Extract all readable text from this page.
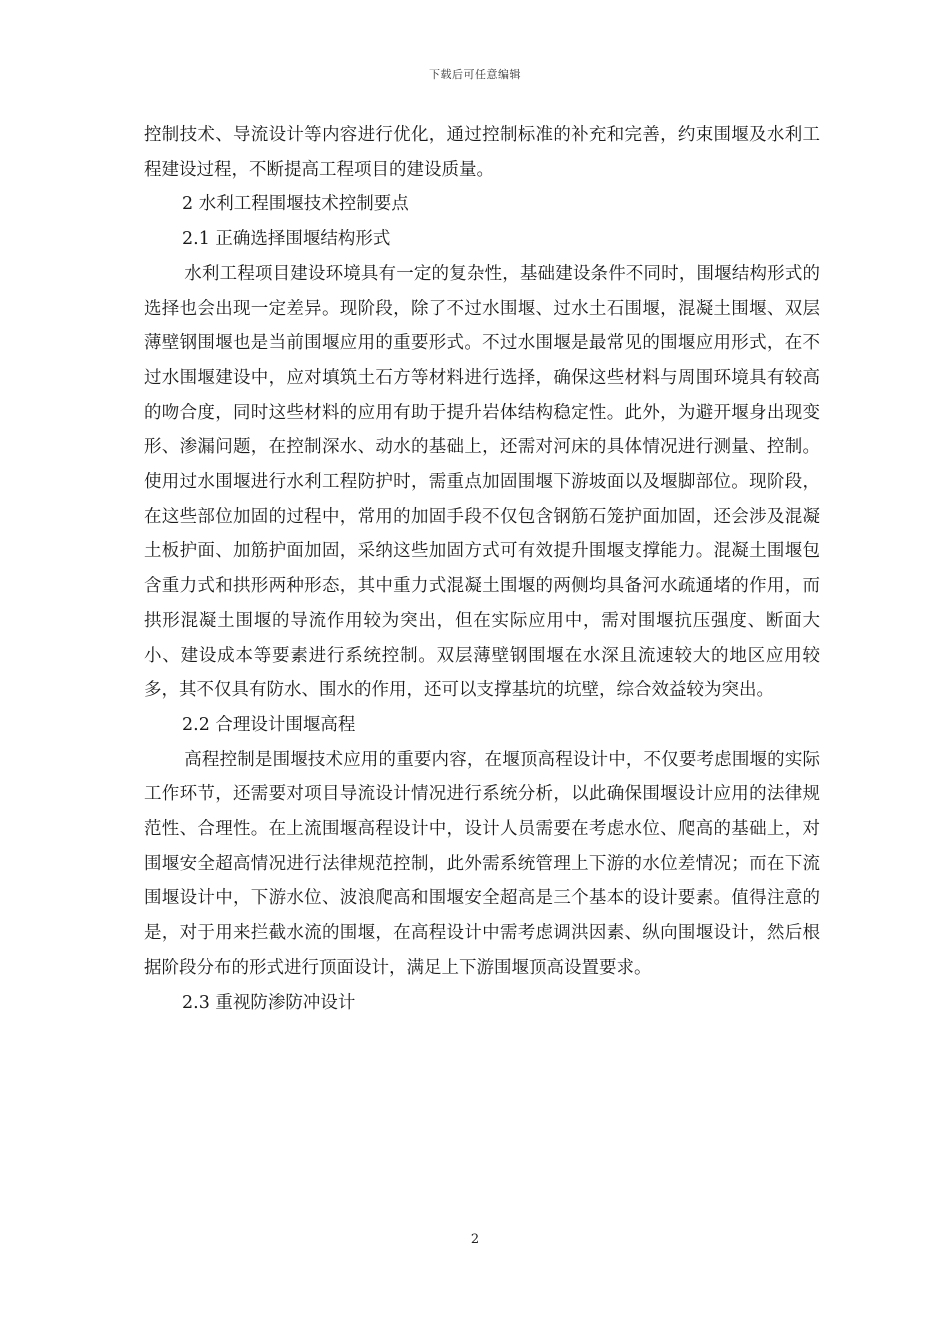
下载后可任意编辑

控制技术、导流设计等内容进行优化，通过控制标准的补充和完善，约束围堰及水利工程建设过程，不断提高工程项目的建设质量。

2 水利工程围堰技术控制要点

2.1 正确选择围堰结构形式

水利工程项目建设环境具有一定的复杂性，基础建设条件不同时，围堰结构形式的选择也会出现一定差异。现阶段，除了不过水围堰、过水土石围堰，混凝土围堰、双层薄壁钢围堰也是当前围堰应用的重要形式。不过水围堰是最常见的围堰应用形式，在不过水围堰建设中，应对填筑土石方等材料进行选择，确保这些材料与周围环境具有较高的吻合度，同时这些材料的应用有助于提升岩体结构稳定性。此外，为避开堰身出现变形、渗漏问题，在控制深水、动水的基础上，还需对河床的具体情况进行测量、控制。使用过水围堰进行水利工程防护时，需重点加固围堰下游坡面以及堰脚部位。现阶段，在这些部位加固的过程中，常用的加固手段不仅包含钢筋石笼护面加固，还会涉及混凝土板护面、加筋护面加固，采纳这些加固方式可有效提升围堰支撑能力。混凝土围堰包含重力式和拱形两种形态，其中重力式混凝土围堰的两侧均具备河水疏通堵的作用，而拱形混凝土围堰的导流作用较为突出，但在实际应用中，需对围堰抗压强度、断面大小、建设成本等要素进行系统控制。双层薄壁钢围堰在水深且流速较大的地区应用较多，其不仅具有防水、围水的作用，还可以支撑基坑的坑壁，综合效益较为突出。

2.2 合理设计围堰高程

高程控制是围堰技术应用的重要内容，在堰顶高程设计中，不仅要考虑围堰的实际工作环节，还需要对项目导流设计情况进行系统分析，以此确保围堰设计应用的法律规范性、合理性。在上流围堰高程设计中，设计人员需要在考虑水位、爬高的基础上，对围堰安全超高情况进行法律规范控制，此外需系统管理上下游的水位差情况；而在下流围堰设计中，下游水位、波浪爬高和围堰安全超高是三个基本的设计要素。值得注意的是，对于用来拦截水流的围堰，在高程设计中需考虑调洪因素、纵向围堰设计，然后根据阶段分布的形式进行顶面设计，满足上下游围堰顶高设置要求。

2.3 重视防渗防冲设计

2
